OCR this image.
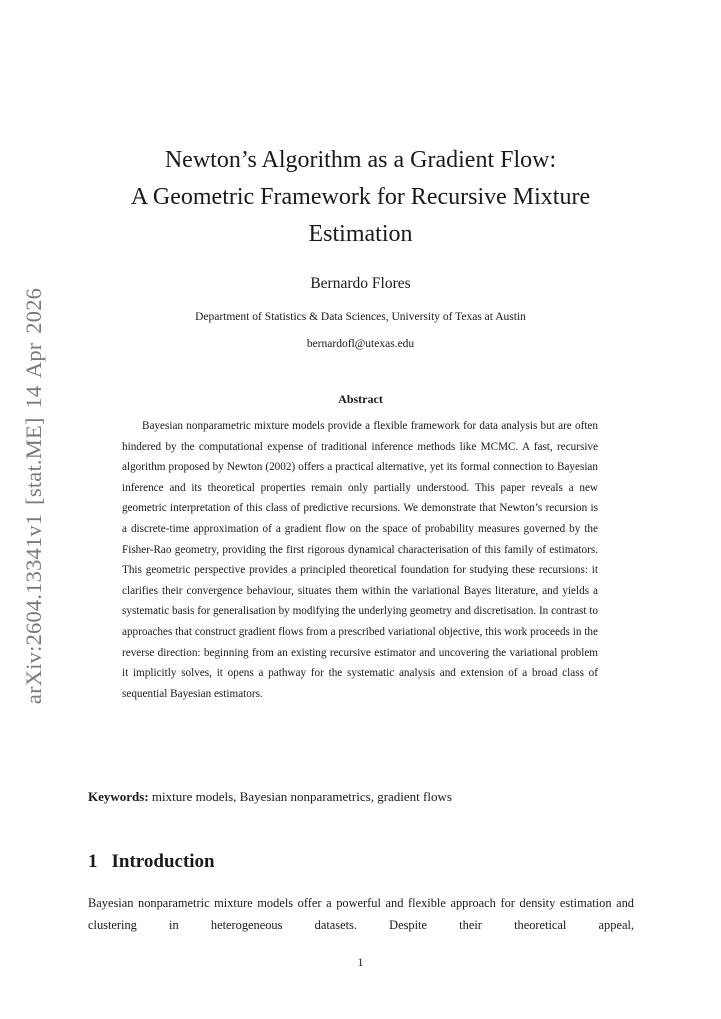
arXiv:2604.13341v1 [stat.ME] 14 Apr 2026
Newton’s Algorithm as a Gradient Flow:
A Geometric Framework for Recursive Mixture
Estimation
Bernardo Flores
Department of Statistics & Data Sciences, University of Texas at Austin
bernardofl@utexas.edu
Abstract
Bayesian nonparametric mixture models provide a flexible framework for data analysis but are often hindered by the computational expense of traditional inference methods like MCMC. A fast, recursive algorithm proposed by Newton (2002) offers a practical alternative, yet its formal connection to Bayesian inference and its theoretical properties remain only partially understood. This paper reveals a new geometric interpretation of this class of predictive recursions. We demonstrate that Newton’s recursion is a discrete-time approximation of a gradient flow on the space of probability measures governed by the Fisher-Rao geometry, providing the first rigorous dynamical characterisation of this family of estimators. This geometric perspective provides a principled theoretical foundation for studying these recursions: it clarifies their convergence behaviour, situates them within the variational Bayes literature, and yields a systematic basis for generalisation by modifying the underlying geometry and discretisation. In contrast to approaches that construct gradient flows from a prescribed variational objective, this work proceeds in the reverse direction: beginning from an existing recursive estimator and uncovering the variational problem it implicitly solves, it opens a pathway for the systematic analysis and extension of a broad class of sequential Bayesian estimators.
Keywords: mixture models, Bayesian nonparametrics, gradient flows
1 Introduction
Bayesian nonparametric mixture models offer a powerful and flexible approach for density estimation and clustering in heterogeneous datasets. Despite their theoretical appeal,
1
